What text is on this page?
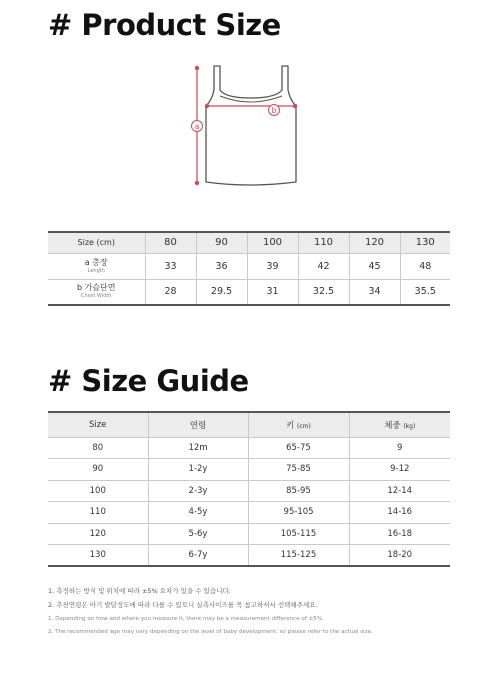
# Product Size
a
b
Size (cm)	80	90	100	110	120	130

a 총장
Length	33	36	39	42	45	48

b 가슴단면
Chest Width	28	29.5	31	32.5	34	35.5
# Size Guide
Size	연령	키 (cm)	체중 (kg)
80	12m	65-75	9
90	1-2y	75-85	9-12
100	2-3y	85-95	12-14
110	4-5y	95-105	14-16
120	5-6y	105-115	16-18
130	6-7y	115-125	18-20
1. 측정하는 방식 및 위치에 따라 ±5% 오차가 있을 수 있습니다.
2. 추천연령은 아기 발달정도에 따라 다를 수 있으니 실측사이즈를 꼭 참고하셔서 선택해주세요.
1. Depending on how and where you measure it, there may be a measurement difference of ±5%.
2. The recommended age may vary depending on the level of baby development, so please refer to the actual size.
